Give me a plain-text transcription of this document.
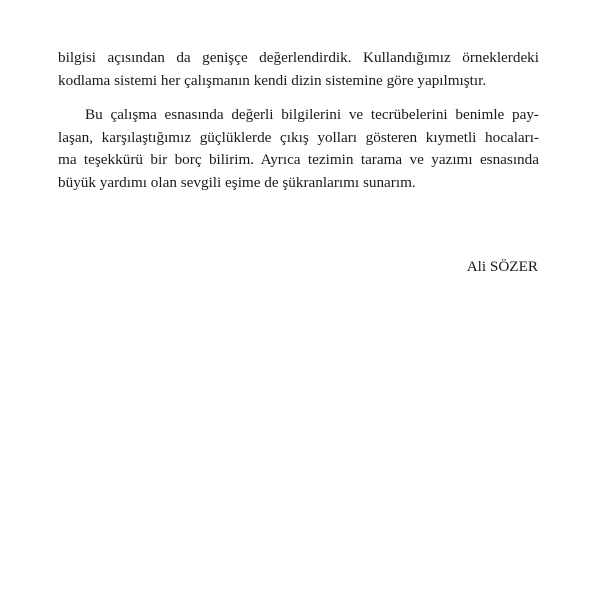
bilgisi açısından da genişçe değerlendirdik. Kullandığımız örneklerdeki
kodlama sistemi her çalışmanın kendi dizin sistemine göre yapılmıştır.
Bu çalışma esnasında değerli bilgilerini ve tecrübelerini benimle pay-
laşan, karşılaştığımız güçlüklerde çıkış yolları gösteren kıymetli hocaları-
ma teşekkürü bir borç bilirim. Ayrıca tezimin tarama ve yazımı esnasında
büyük yardımı olan sevgili eşime de şükranlarımı sunarım.
Ali SÖZER
